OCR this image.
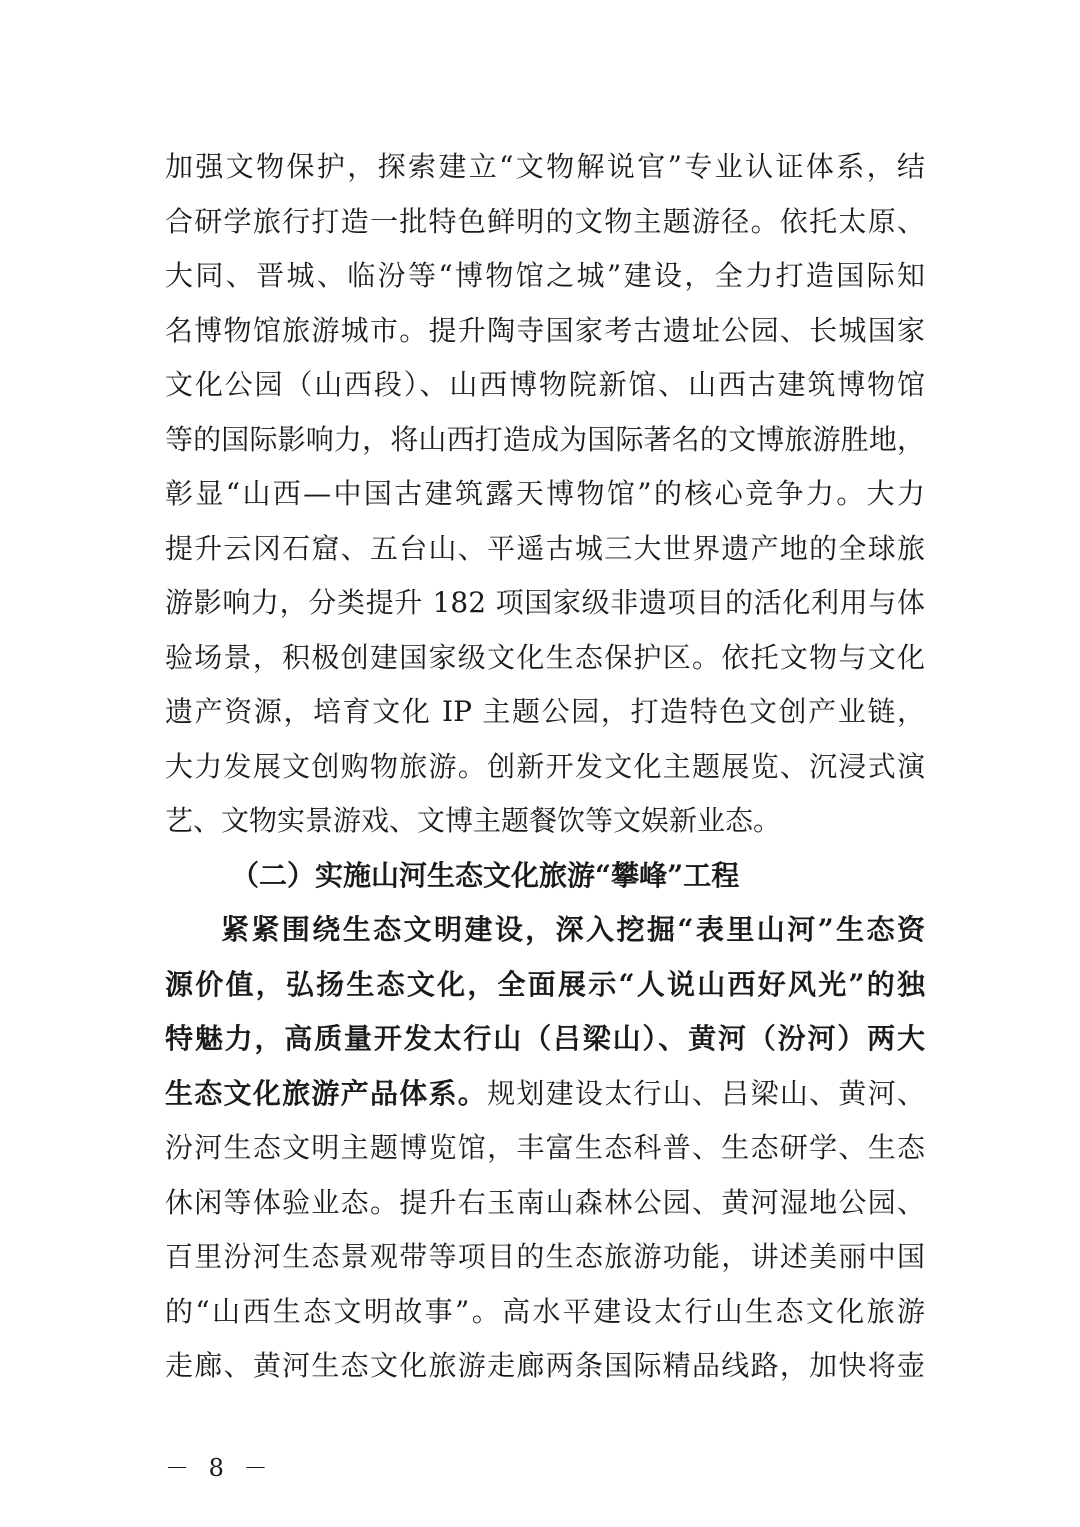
加强文物保护，探索建立“文物解说官”专业认证体系，结
合研学旅行打造一批特色鲜明的文物主题游径。依托太原、
大同、晋城、临汾等“博物馆之城”建设，全力打造国际知
名博物馆旅游城市。提升陶寺国家考古遗址公园、长城国家
文化公园（山西段）、山西博物院新馆、山西古建筑博物馆
等的国际影响力，将山西打造成为国际著名的文博旅游胜地，
彰显“山西—中国古建筑露天博物馆”的核心竞争力。大力
提升云冈石窟、五台山、平遥古城三大世界遗产地的全球旅
游影响力，分类提升 182 项国家级非遗项目的活化利用与体
验场景，积极创建国家级文化生态保护区。依托文物与文化
遗产资源，培育文化 IP 主题公园，打造特色文创产业链，
大力发展文创购物旅游。创新开发文化主题展览、沉浸式演
艺、文物实景游戏、文博主题餐饮等文娱新业态。
（二）实施山河生态文化旅游“攀峰”工程
紧紧围绕生态文明建设，深入挖掘“表里山河”生态资
源价值，弘扬生态文化，全面展示“人说山西好风光”的独
特魅力，高质量开发太行山（吕梁山）、黄河（汾河）两大
生态文化旅游产品体系。规划建设太行山、吕梁山、黄河、
汾河生态文明主题博览馆，丰富生态科普、生态研学、生态
休闲等体验业态。提升右玉南山森林公园、黄河湿地公园、
百里汾河生态景观带等项目的生态旅游功能，讲述美丽中国
的“山西生态文明故事”。高水平建设太行山生态文化旅游
走廊、黄河生态文化旅游走廊两条国际精品线路，加快将壶
－ 8 －
